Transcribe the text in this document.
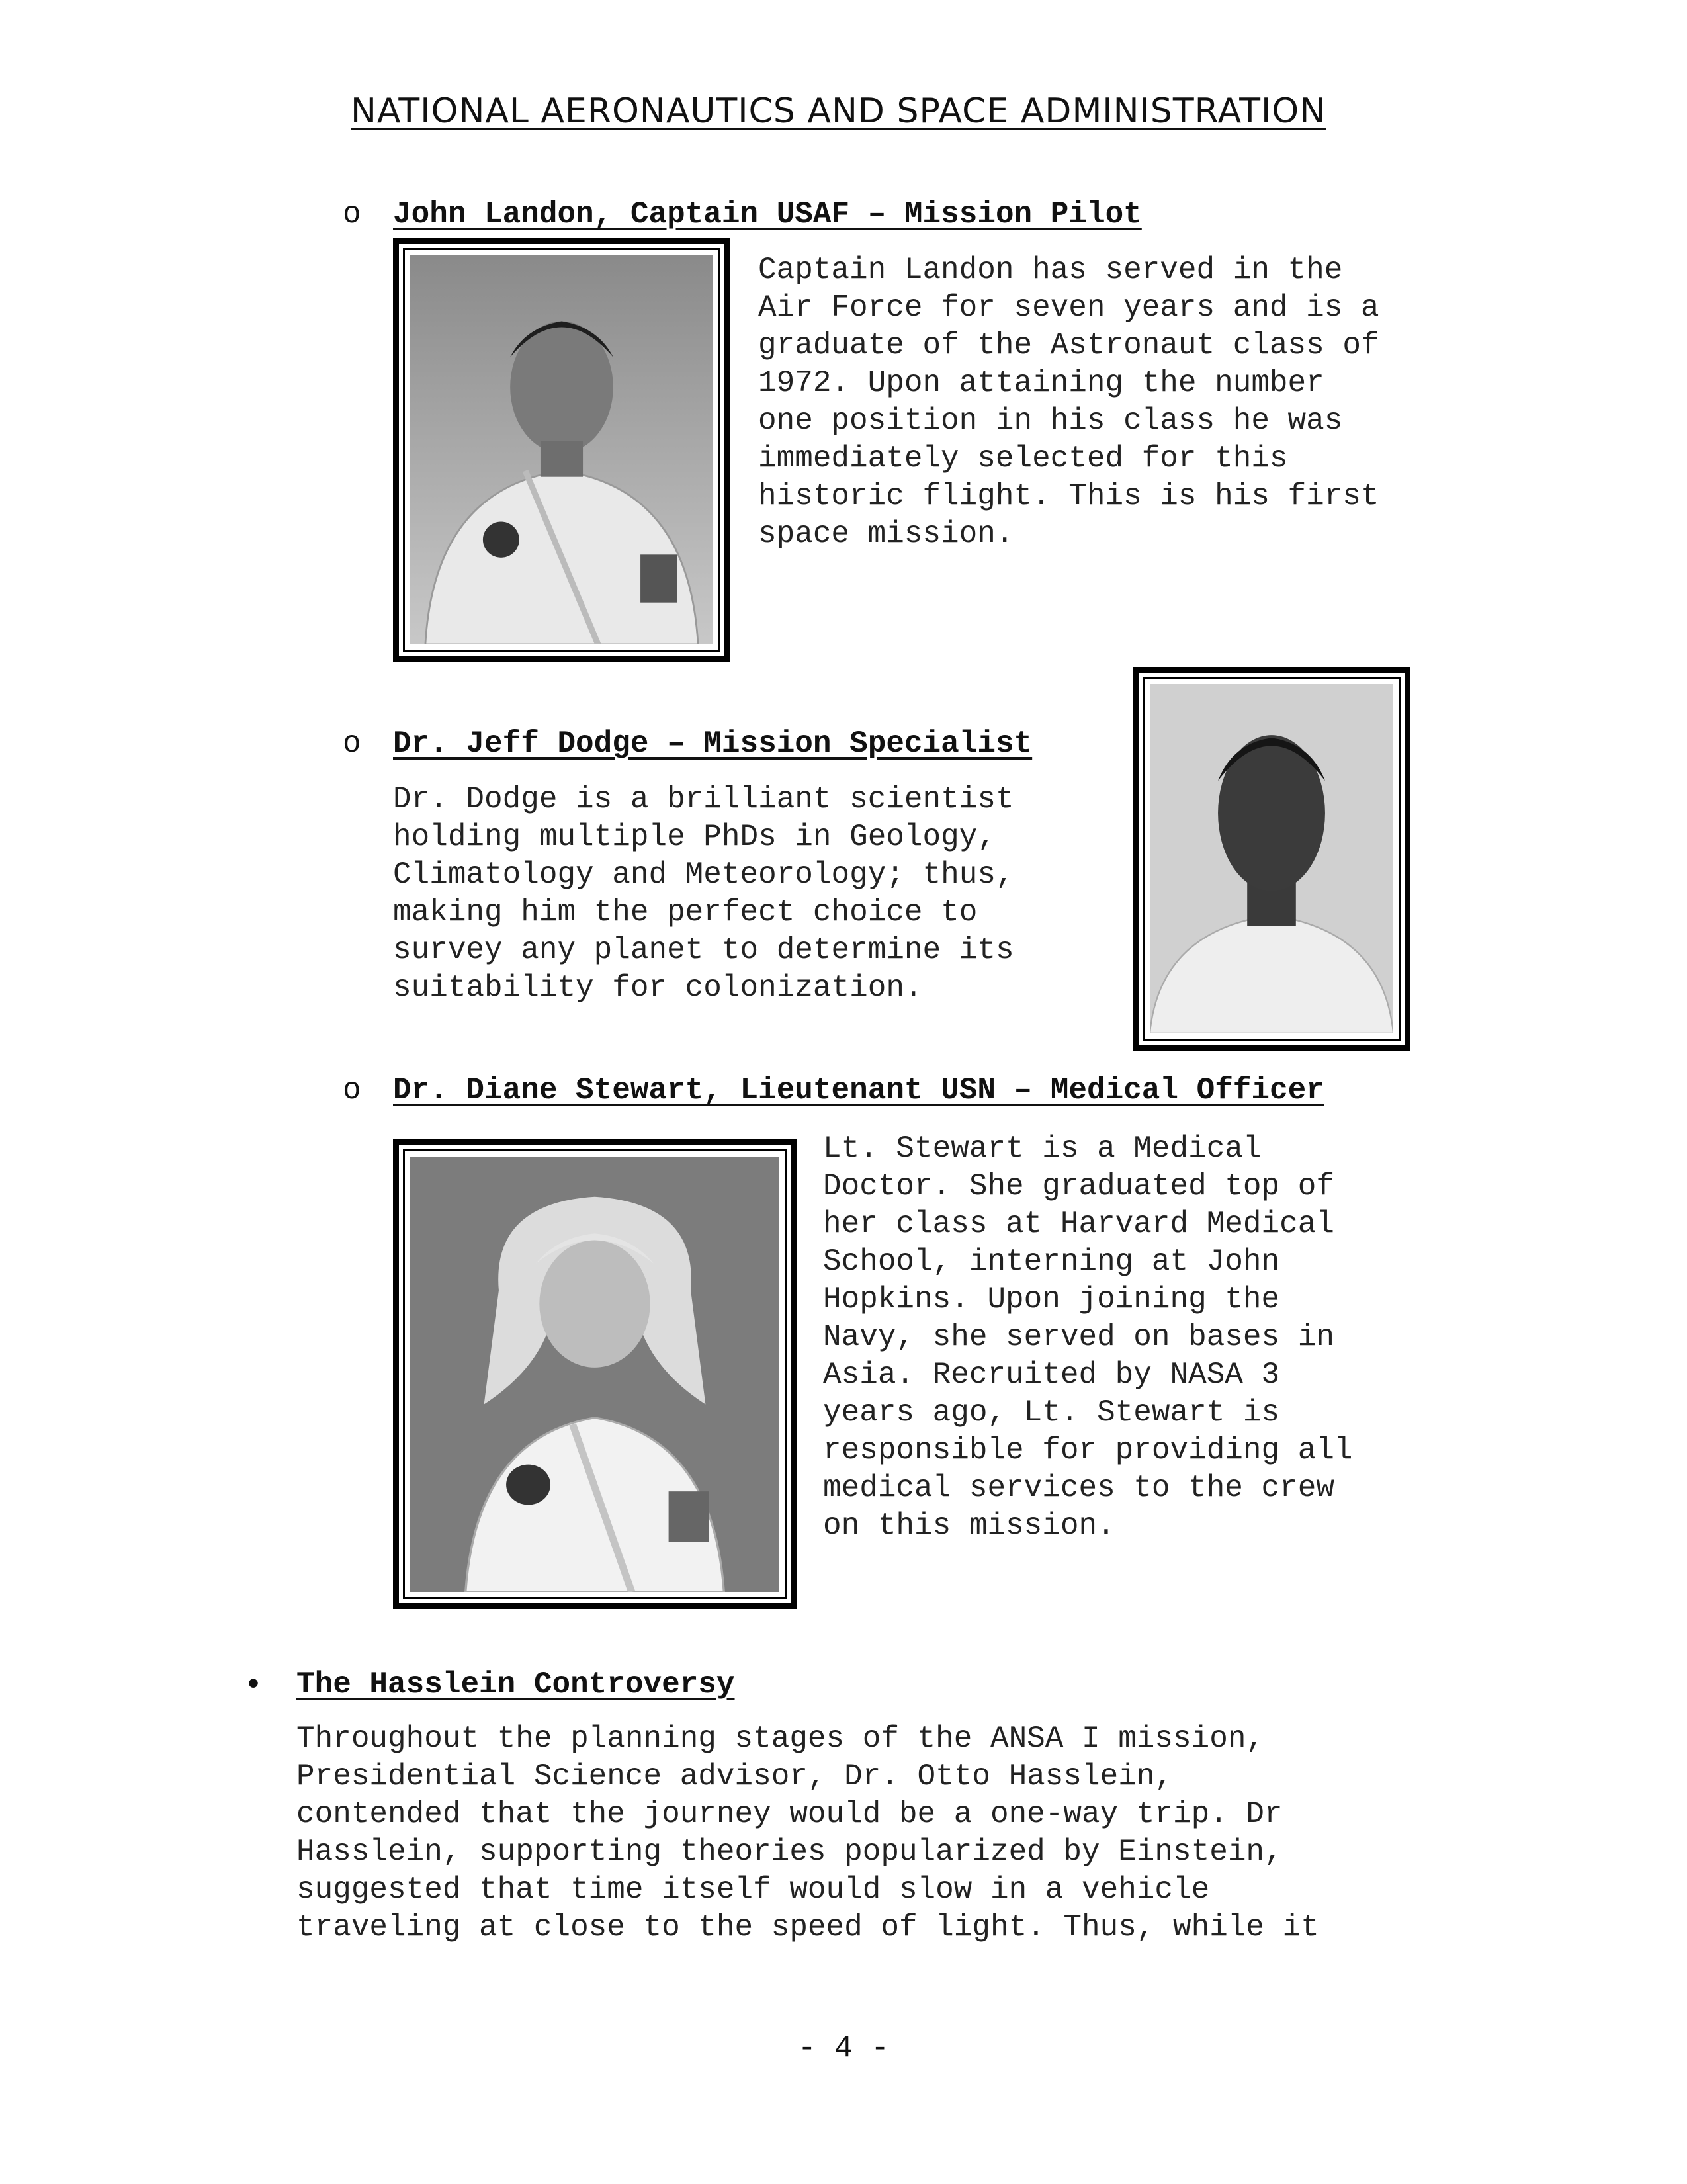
NATIONAL AERONAUTICS AND SPACE ADMINISTRATION
o John Landon, Captain USAF – Mission Pilot
Captain Landon has served in the
Air Force for seven years and is a
graduate of the Astronaut class of
1972. Upon attaining the number
one position in his class he was
immediately selected for this
historic flight. This is his first
space mission.
o Dr. Jeff Dodge – Mission Specialist
Dr. Dodge is a brilliant scientist
holding multiple PhDs in Geology,
Climatology and Meteorology; thus,
making him the perfect choice to
survey any planet to determine its
suitability for colonization.
o Dr. Diane Stewart, Lieutenant USN – Medical Officer
Lt. Stewart is a Medical
Doctor. She graduated top of
her class at Harvard Medical
School, interning at John
Hopkins. Upon joining the
Navy, she served on bases in
Asia. Recruited by NASA 3
years ago, Lt. Stewart is
responsible for providing all
medical services to the crew
on this mission.
• The Hasslein Controversy
Throughout the planning stages of the ANSA I mission,
Presidential Science advisor, Dr. Otto Hasslein,
contended that the journey would be a one-way trip. Dr
Hasslein, supporting theories popularized by Einstein,
suggested that time itself would slow in a vehicle
traveling at close to the speed of light. Thus, while it
- 4 -
